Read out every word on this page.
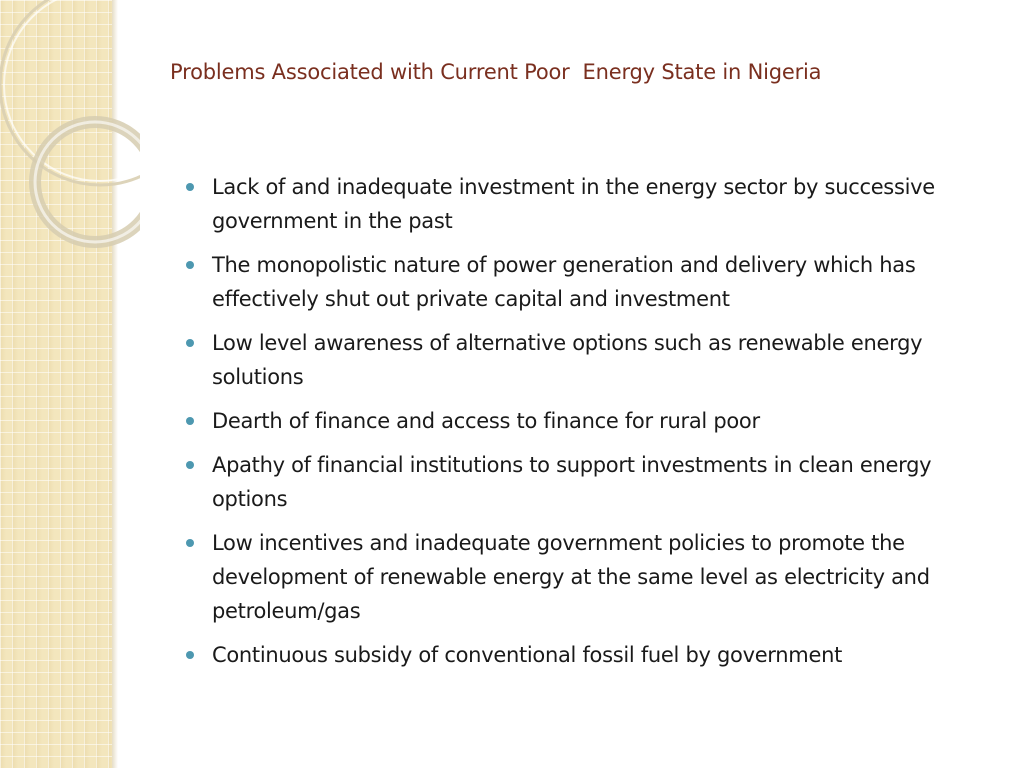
Problems Associated with Current Poor  Energy State in Nigeria
Lack of and inadequate investment in the energy sector by successive government in the past
The monopolistic nature of power generation and delivery which has effectively shut out private capital and investment
Low level awareness of alternative options such as renewable energy solutions
Dearth of finance and access to finance for rural poor
Apathy of financial institutions to support investments in clean energy options
Low incentives and inadequate government policies to promote the development of renewable energy at the same level as electricity and petroleum/gas
Continuous subsidy of conventional fossil fuel by government
